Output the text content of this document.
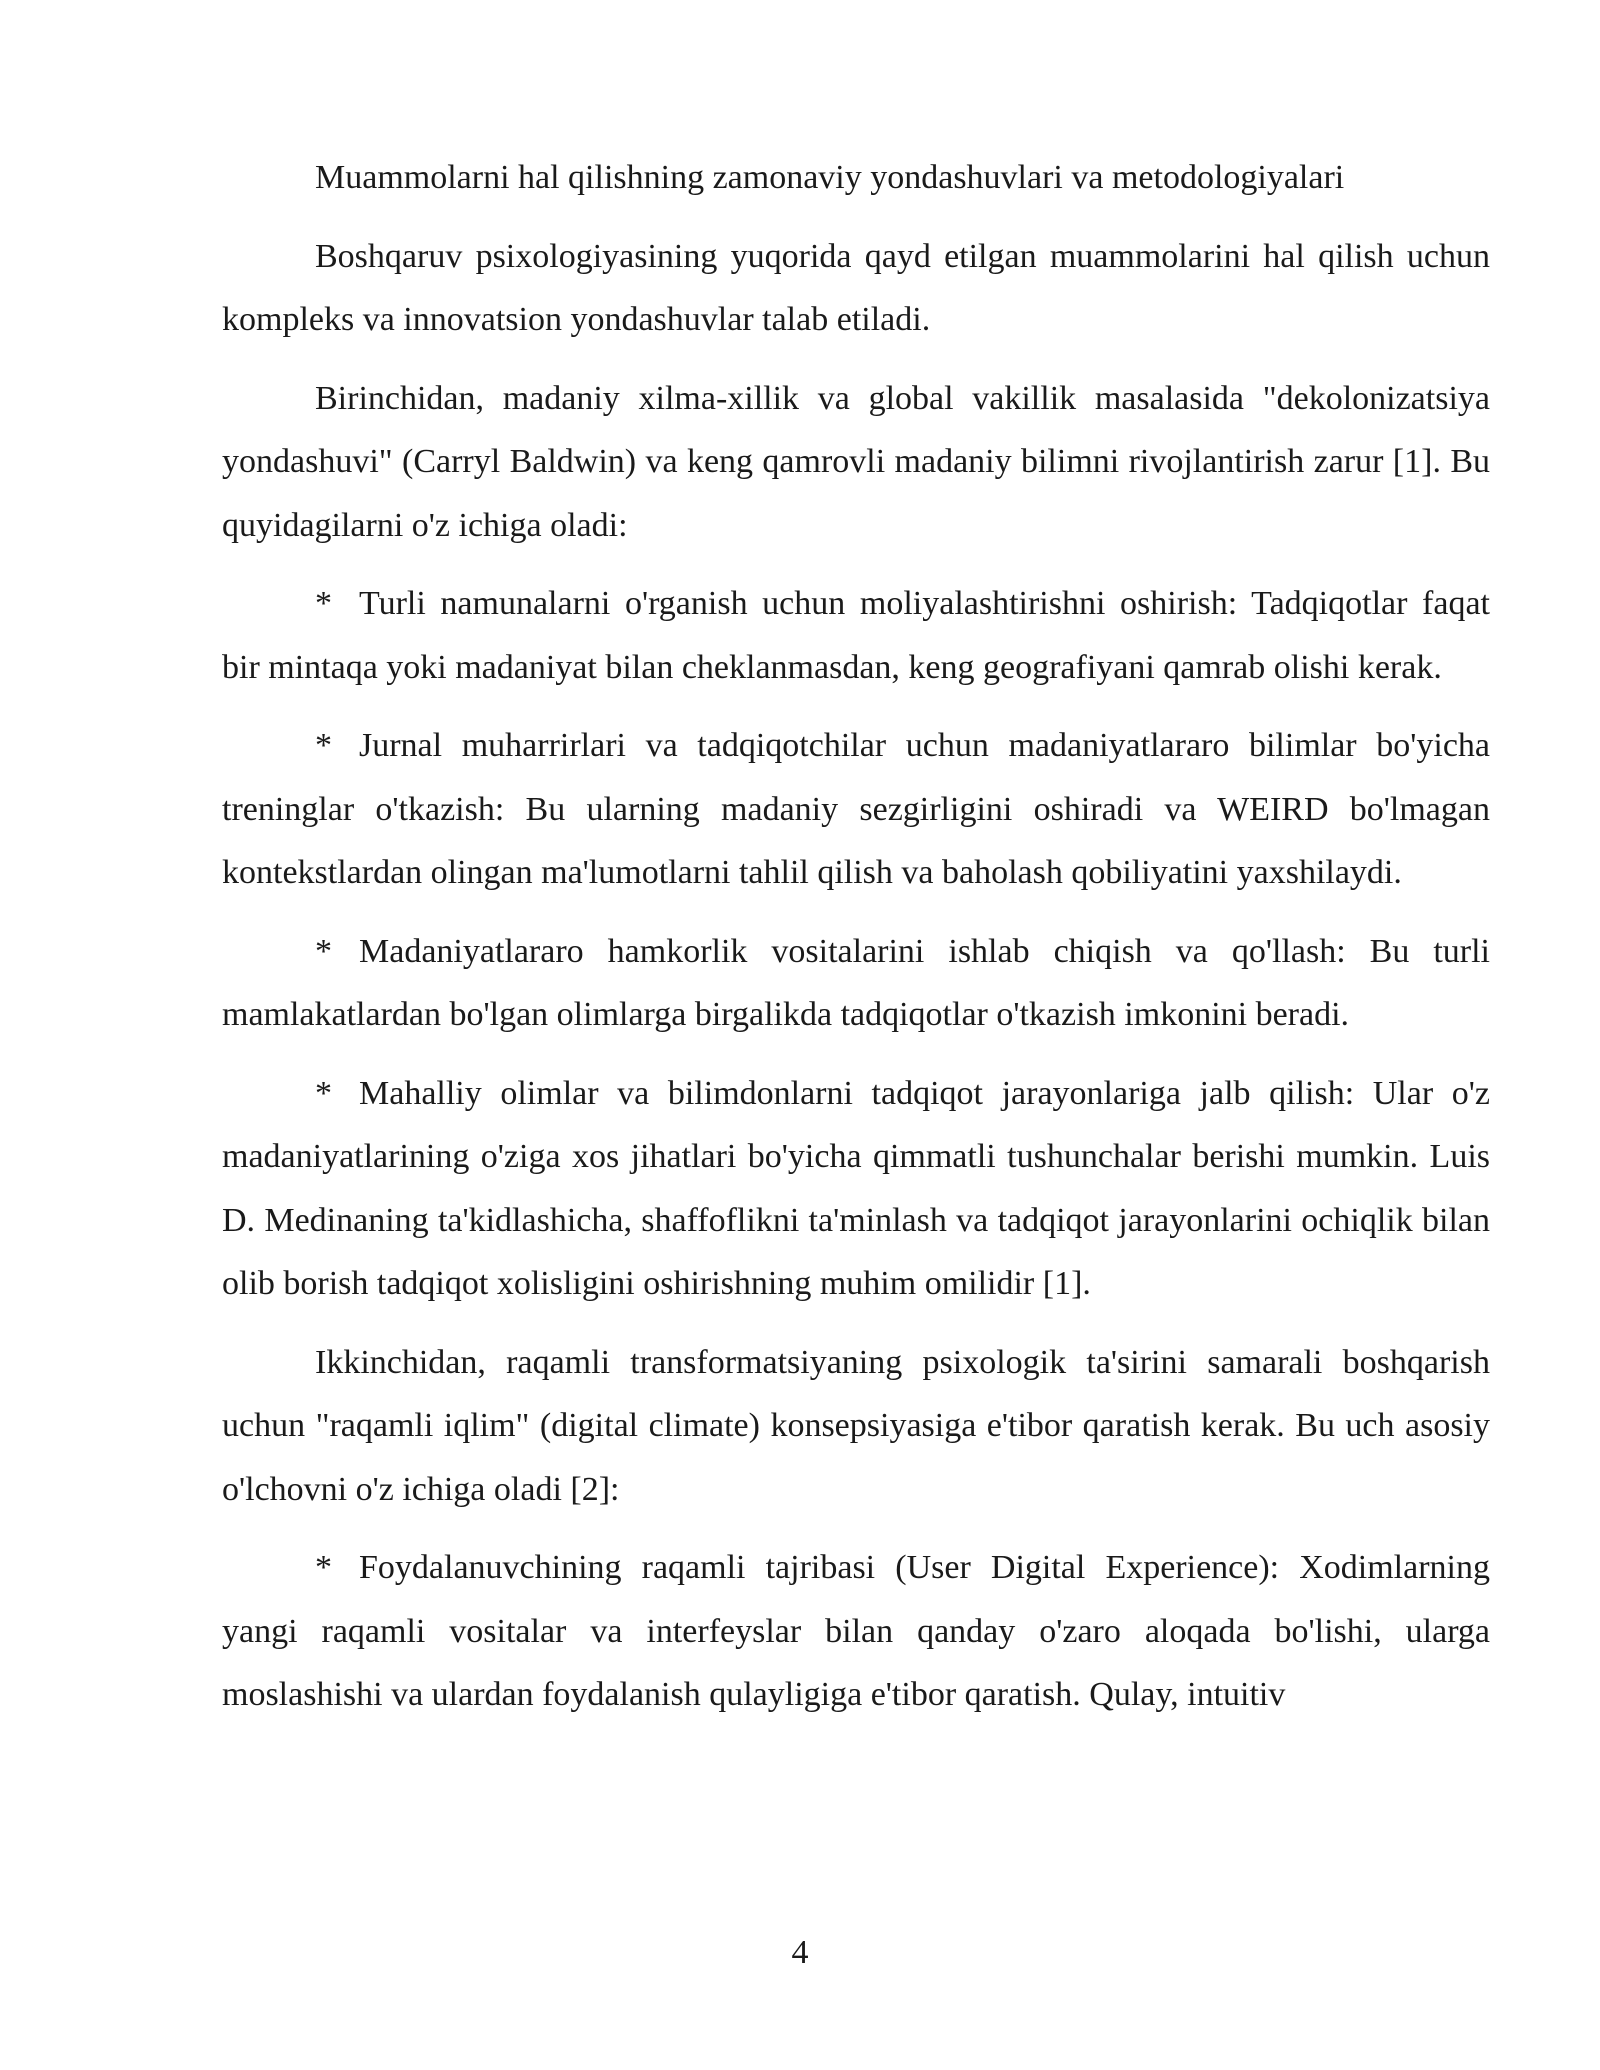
Muammolarni hal qilishning zamonaviy yondashuvlari va metodologiyalari

Boshqaruv psixologiyasining yuqorida qayd etilgan muammolarini hal qilish uchun kompleks va innovatsion yondashuvlar talab etiladi.

Birinchidan, madaniy xilma-xillik va global vakillik masalasida "dekolonizatsiya yondashuvi" (Carryl Baldwin) va keng qamrovli madaniy bilimni rivojlantirish zarur [1]. Bu quyidagilarni o'z ichiga oladi:

* Turli namunalarni o'rganish uchun moliyalashtirishni oshirish: Tadqiqotlar faqat bir mintaqa yoki madaniyat bilan cheklanmasdan, keng geografiyani qamrab olishi kerak.

* Jurnal muharrirlari va tadqiqotchilar uchun madaniyatlararo bilimlar bo'yicha treninglar o'tkazish: Bu ularning madaniy sezgirligini oshiradi va WEIRD bo'lmagan kontekstlardan olingan ma'lumotlarni tahlil qilish va baholash qobiliyatini yaxshilaydi.

* Madaniyatlararo hamkorlik vositalarini ishlab chiqish va qo'llash: Bu turli mamlakatlardan bo'lgan olimlarga birgalikda tadqiqotlar o'tkazish imkonini beradi.

* Mahalliy olimlar va bilimdonlarni tadqiqot jarayonlariga jalb qilish: Ular o'z madaniyatlarining o'ziga xos jihatlari bo'yicha qimmatli tushunchalar berishi mumkin. Luis D. Medinaning ta'kidlashicha, shaffoflikni ta'minlash va tadqiqot jarayonlarini ochiqlik bilan olib borish tadqiqot xolisligini oshirishning muhim omilidir [1].

Ikkinchidan, raqamli transformatsiyaning psixologik ta'sirini samarali boshqarish uchun "raqamli iqlim" (digital climate) konsepsiyasiga e'tibor qaratish kerak. Bu uch asosiy o'lchovni o'z ichiga oladi [2]:

* Foydalanuvchining raqamli tajribasi (User Digital Experience): Xodimlarning yangi raqamli vositalar va interfeyslar bilan qanday o'zaro aloqada bo'lishi, ularga moslashishi va ulardan foydalanish qulayligiga e'tibor qaratish. Qulay, intuitiv

4
